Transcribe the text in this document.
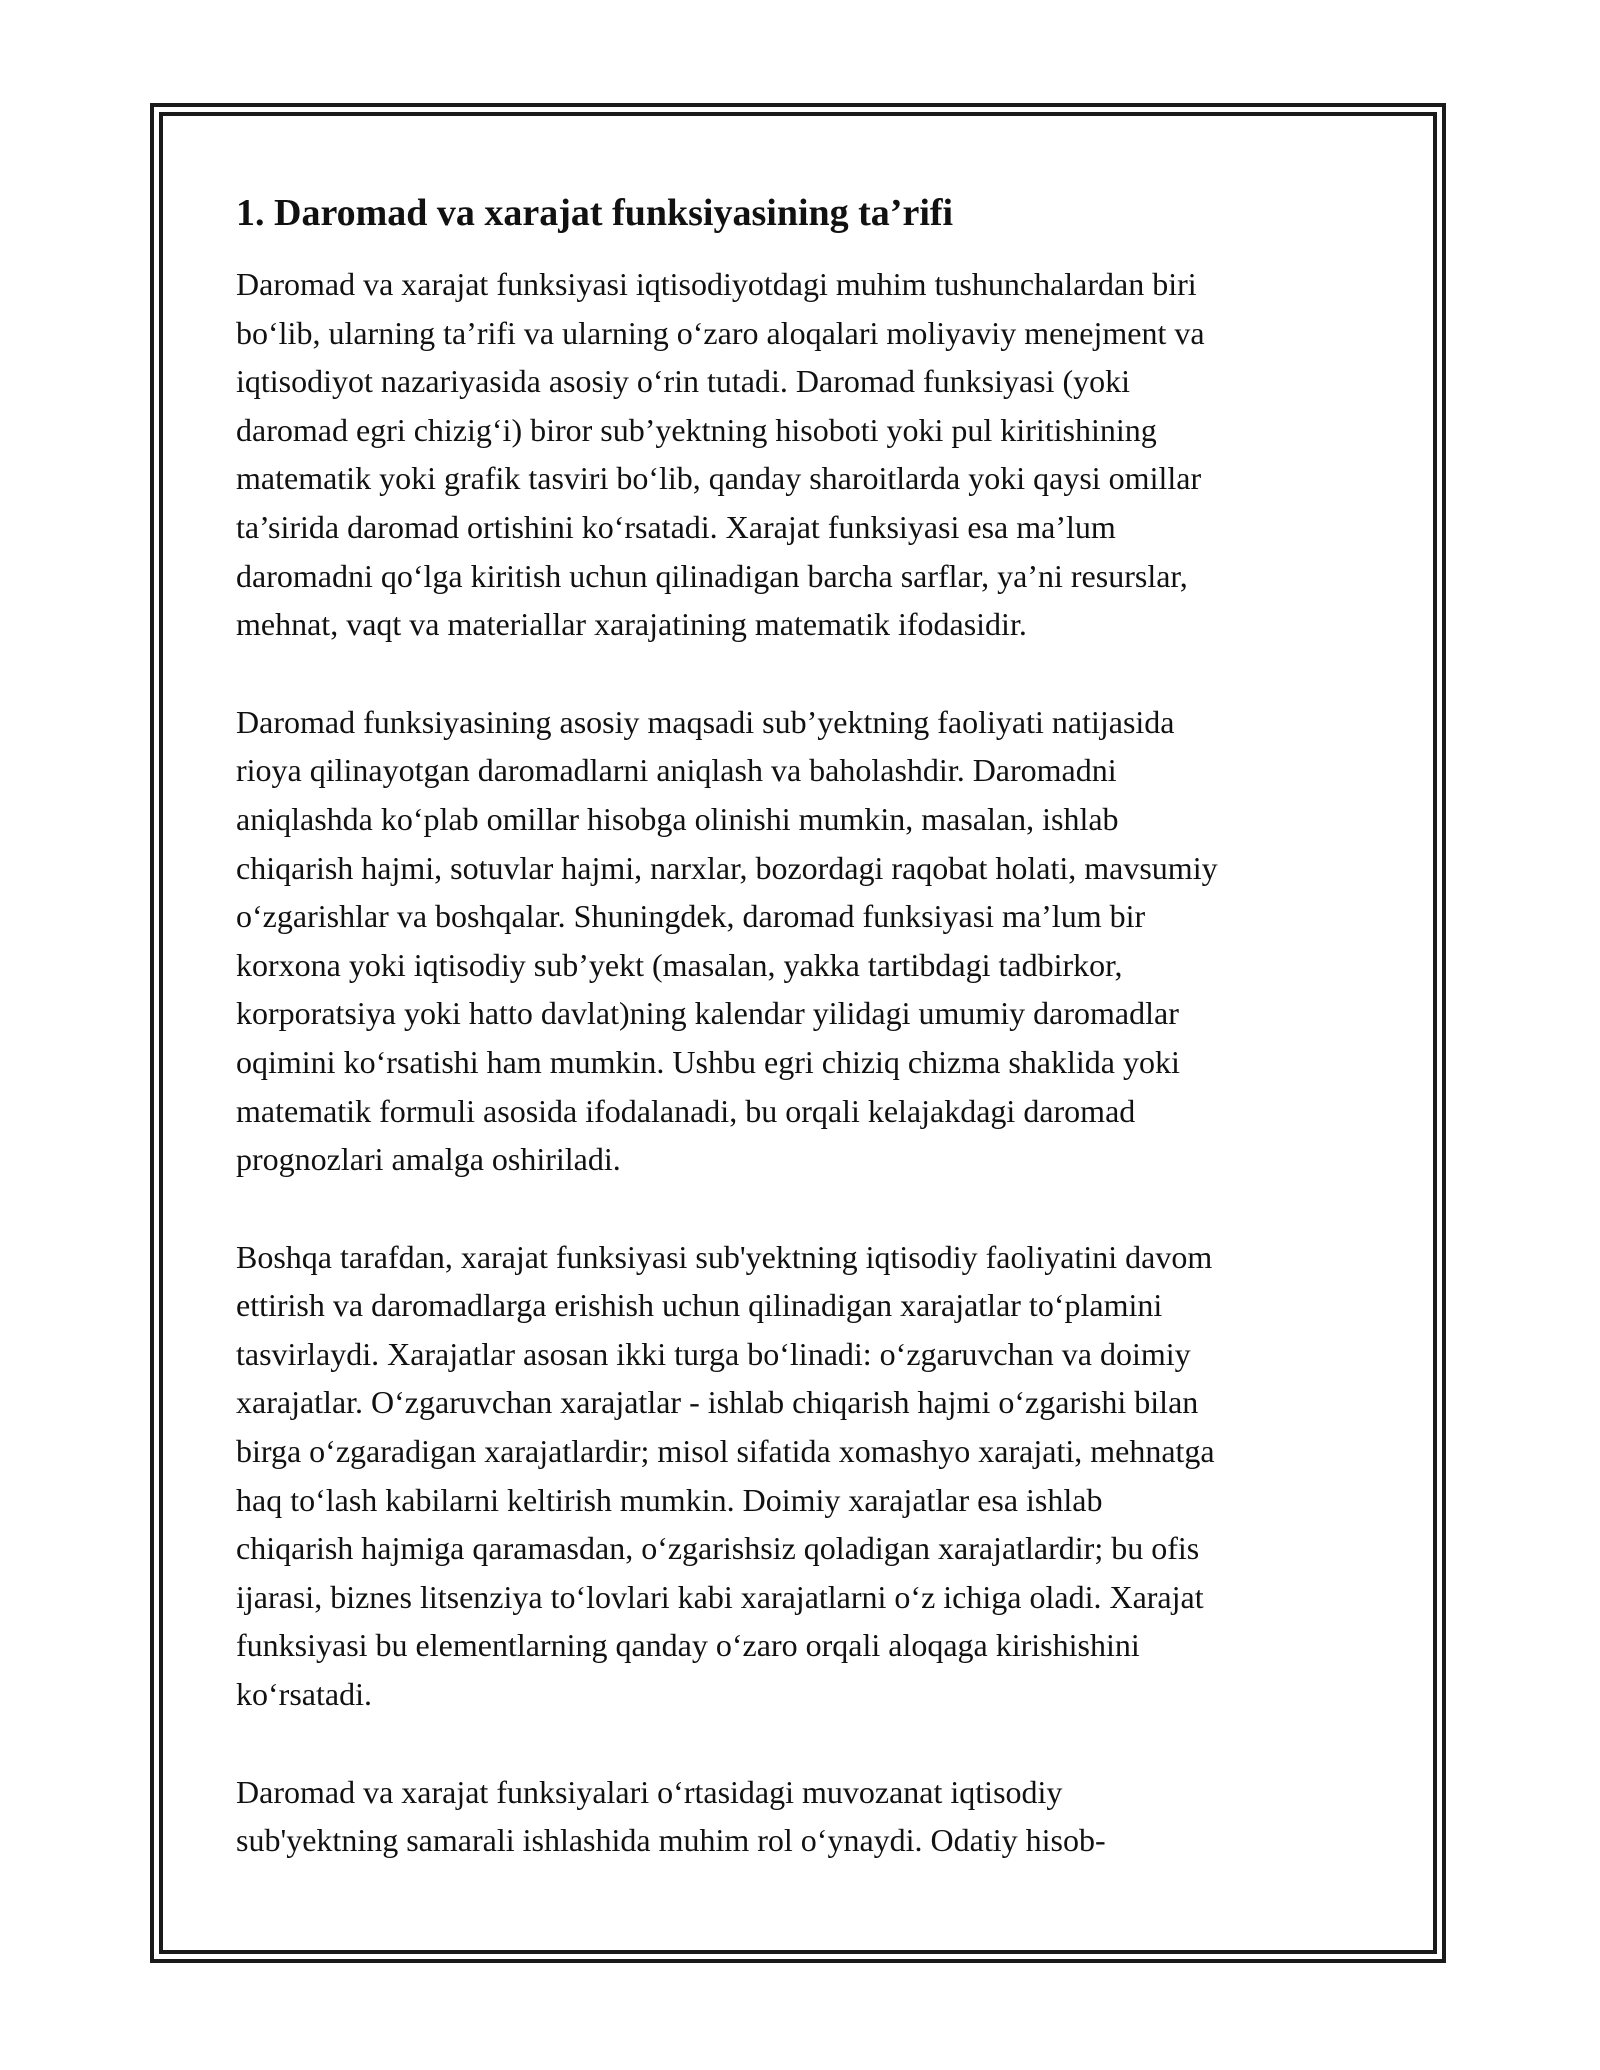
1. Daromad va xarajat funksiyasining ta’rifi

Daromad va xarajat funksiyasi iqtisodiyotdagi muhim tushunchalardan biri
bo‘lib, ularning ta’rifi va ularning o‘zaro aloqalari moliyaviy menejment va
iqtisodiyot nazariyasida asosiy o‘rin tutadi. Daromad funksiyasi (yoki
daromad egri chizig‘i) biror sub’yektning hisoboti yoki pul kiritishining
matematik yoki grafik tasviri bo‘lib, qanday sharoitlarda yoki qaysi omillar
ta’sirida daromad ortishini ko‘rsatadi. Xarajat funksiyasi esa ma’lum
daromadni qo‘lga kiritish uchun qilinadigan barcha sarflar, ya’ni resurslar,
mehnat, vaqt va materiallar xarajatining matematik ifodasidir.

Daromad funksiyasining asosiy maqsadi sub’yektning faoliyati natijasida
rioya qilinayotgan daromadlarni aniqlash va baholashdir. Daromadni
aniqlashda ko‘plab omillar hisobga olinishi mumkin, masalan, ishlab
chiqarish hajmi, sotuvlar hajmi, narxlar, bozordagi raqobat holati, mavsumiy
o‘zgarishlar va boshqalar. Shuningdek, daromad funksiyasi ma’lum bir
korxona yoki iqtisodiy sub’yekt (masalan, yakka tartibdagi tadbirkor,
korporatsiya yoki hatto davlat)ning kalendar yilidagi umumiy daromadlar
oqimini ko‘rsatishi ham mumkin. Ushbu egri chiziq chizma shaklida yoki
matematik formuli asosida ifodalanadi, bu orqali kelajakdagi daromad
prognozlari amalga oshiriladi.

Boshqa tarafdan, xarajat funksiyasi sub'yektning iqtisodiy faoliyatini davom
ettirish va daromadlarga erishish uchun qilinadigan xarajatlar to‘plamini
tasvirlaydi. Xarajatlar asosan ikki turga bo‘linadi: o‘zgaruvchan va doimiy
xarajatlar. O‘zgaruvchan xarajatlar - ishlab chiqarish hajmi o‘zgarishi bilan
birga o‘zgaradigan xarajatlardir; misol sifatida xomashyo xarajati, mehnatga
haq to‘lash kabilarni keltirish mumkin. Doimiy xarajatlar esa ishlab
chiqarish hajmiga qaramasdan, o‘zgarishsiz qoladigan xarajatlardir; bu ofis
ijarasi, biznes litsenziya to‘lovlari kabi xarajatlarni o‘z ichiga oladi. Xarajat
funksiyasi bu elementlarning qanday o‘zaro orqali aloqaga kirishishini
ko‘rsatadi.

Daromad va xarajat funksiyalari o‘rtasidagi muvozanat iqtisodiy
sub'yektning samarali ishlashida muhim rol o‘ynaydi. Odatiy hisob-
